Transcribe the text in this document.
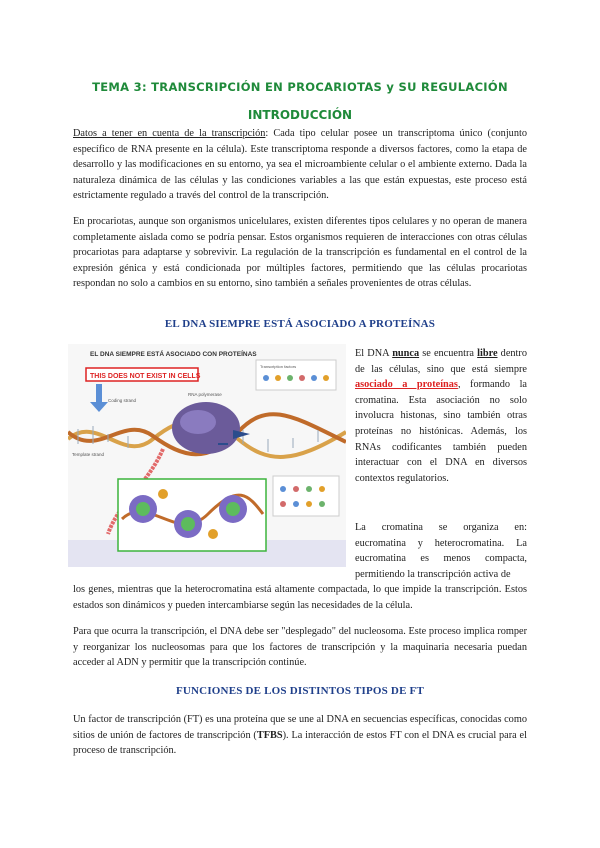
TEMA 3: TRANSCRIPCIÓN EN PROCARIOTAS y SU REGULACIÓN
INTRODUCCIÓN

Datos a tener en cuenta de la transcripción: Cada tipo celular posee un transcriptoma único (conjunto específico de RNA presente en la célula). Este transcriptoma responde a diversos factores, como la etapa de desarrollo y las modificaciones en su entorno, ya sea el microambiente celular o el ambiente externo. Dada la naturaleza dinámica de las células y las condiciones variables a las que están expuestas, este proceso está estrictamente regulado a través del control de la transcripción.

En procariotas, aunque son organismos unicelulares, existen diferentes tipos celulares y no operan de manera completamente aislada como se podría pensar. Estos organismos requieren de interacciones con otras células procariotas para adaptarse y sobrevivir. La regulación de la transcripción es fundamental en el control de la expresión génica y está condicionada por múltiples factores, permitiendo que las células procariotas respondan no solo a cambios en su entorno, sino también a señales provenientes de otras células.

EL DNA SIEMPRE ESTÁ ASOCIADO A PROTEÍNAS
EL DNA SIEMPRE ESTÁ ASOCIADO CON PROTEÍNAS
THIS DOES NOT EXIST IN CELLS
Coding strand
Template strand
RNA polymerase
Transcription factors

El DNA nunca se encuentra libre dentro de las células, sino que está siempre asociado a proteínas, formando la cromatina. Esta asociación no solo involucra histonas, sino también otras proteínas no histónicas. Además, los RNAs codificantes también pueden interactuar con el DNA en diversos contextos regulatorios.

La cromatina se organiza en: eucromatina y heterocromatina. La eucromatina es menos compacta, permitiendo la transcripción activa de

los genes, mientras que la heterocromatina está altamente compactada, lo que impide la transcripción. Estos estados son dinámicos y pueden intercambiarse según las necesidades de la célula.

Para que ocurra la transcripción, el DNA debe ser "desplegado" del nucleosoma. Este proceso implica romper y reorganizar los nucleosomas para que los factores de transcripción y la maquinaria necesaria puedan acceder al ADN y permitir que la transcripción continúe.

FUNCIONES DE LOS DISTINTOS TIPOS DE FT

Un factor de transcripción (FT) es una proteína que se une al DNA en secuencias específicas, conocidas como sitios de unión de factores de transcripción (TFBS). La interacción de estos FT con el DNA es crucial para el proceso de transcripción.
